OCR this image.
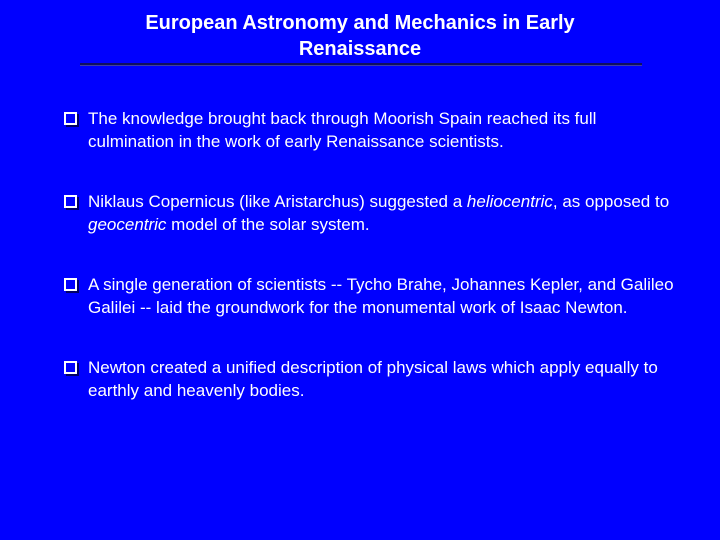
European Astronomy and Mechanics in Early
Renaissance
The knowledge brought back through Moorish Spain reached its full culmination in the work of early Renaissance scientists.
Niklaus Copernicus (like Aristarchus) suggested a heliocentric, as opposed to geocentric model of the solar system.
A single generation of scientists -- Tycho Brahe, Johannes Kepler, and Galileo Galilei -- laid the groundwork for the monumental work of Isaac Newton.
Newton created a unified description of physical laws which apply equally to earthly and heavenly bodies.
